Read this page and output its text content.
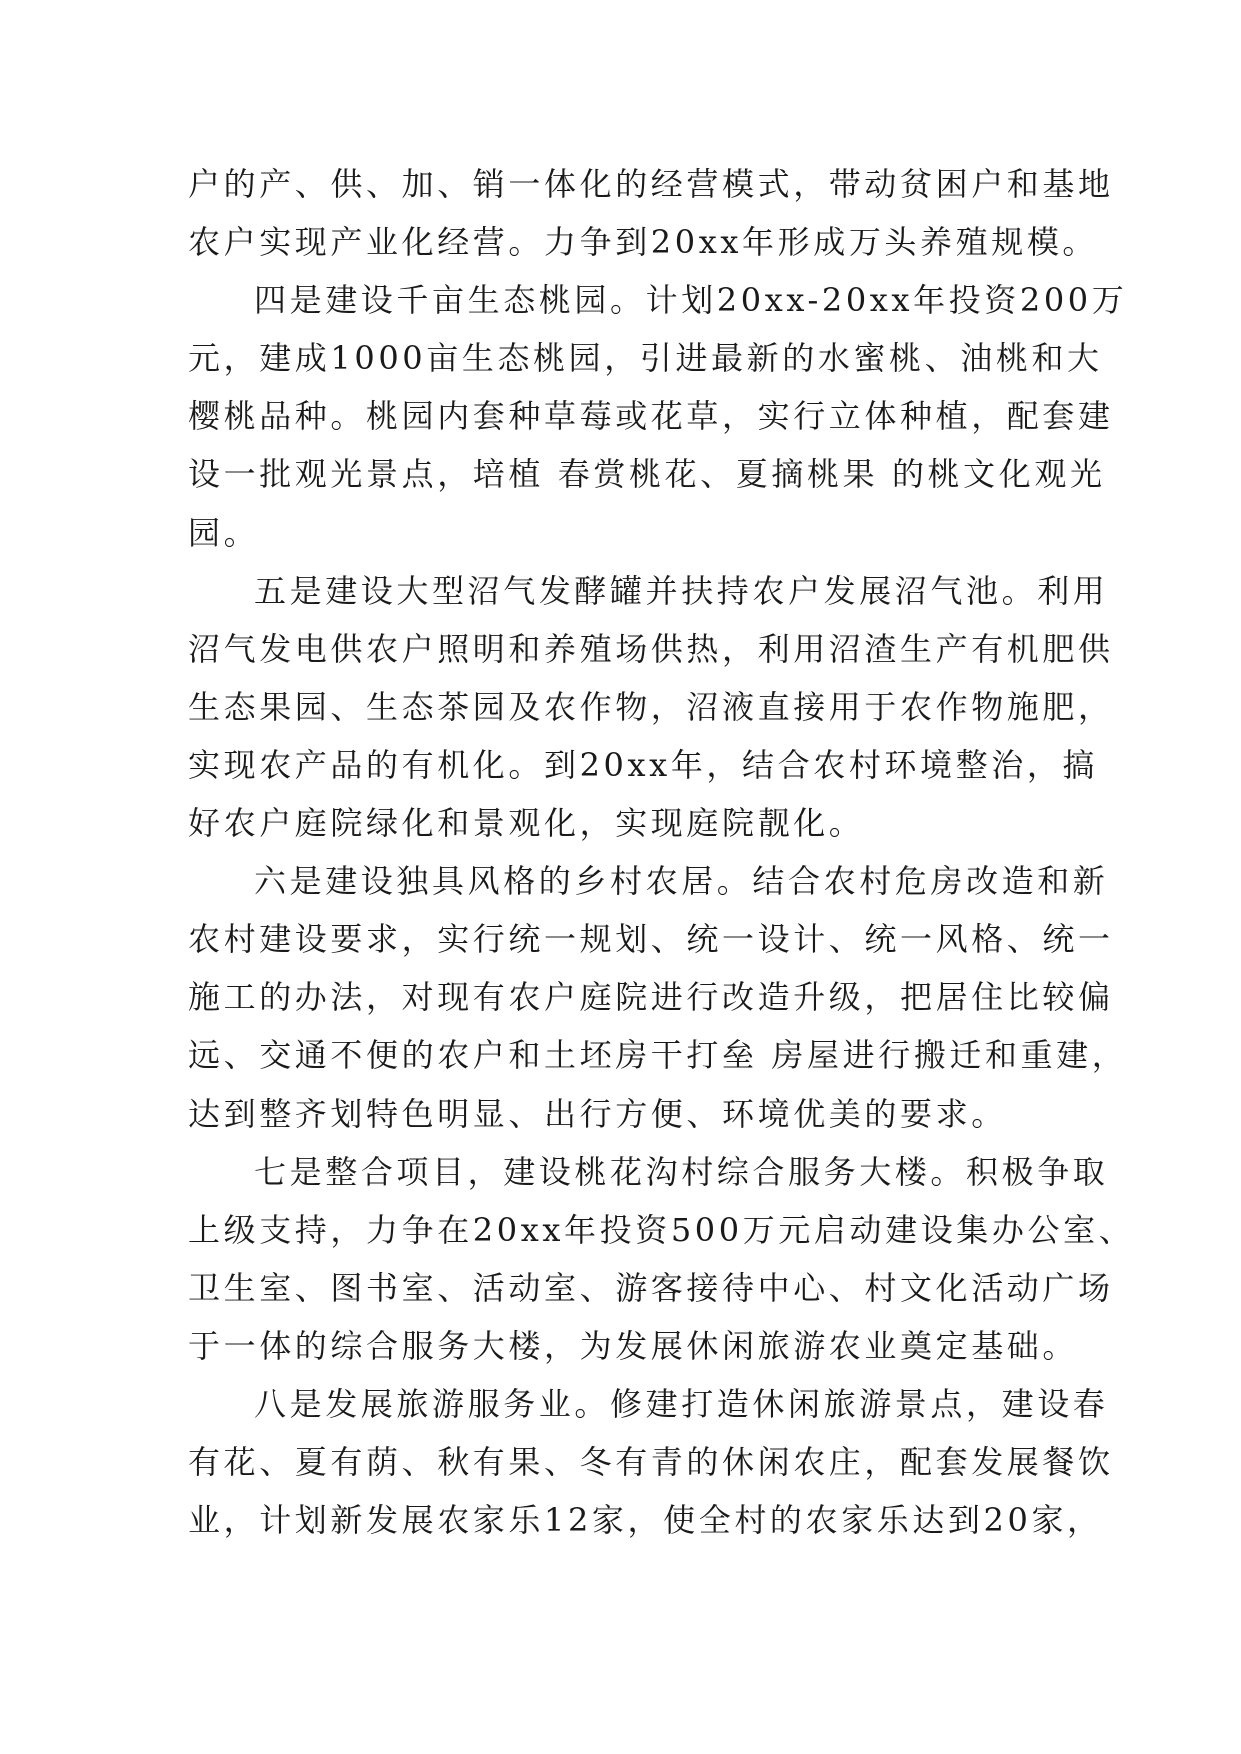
户的产、供、加、销一体化的经营模式，带动贫困户和基地
农户实现产业化经营。力争到20xx年形成万头养殖规模。

四是建设千亩生态桃园。计划20xx-20xx年投资200万
元，建成1000亩生态桃园，引进最新的水蜜桃、油桃和大
樱桃品种。桃园内套种草莓或花草，实行立体种植，配套建
设一批观光景点，培植 春赏桃花、夏摘桃果 的桃文化观光
园。

五是建设大型沼气发酵罐并扶持农户发展沼气池。利用
沼气发电供农户照明和养殖场供热，利用沼渣生产有机肥供
生态果园、生态茶园及农作物，沼液直接用于农作物施肥，
实现农产品的有机化。到20xx年，结合农村环境整治，搞
好农户庭院绿化和景观化，实现庭院靓化。

六是建设独具风格的乡村农居。结合农村危房改造和新
农村建设要求，实行统一规划、统一设计、统一风格、统一
施工的办法，对现有农户庭院进行改造升级，把居住比较偏
远、交通不便的农户和土坯房干打垒 房屋进行搬迁和重建，
达到整齐划特色明显、出行方便、环境优美的要求。

七是整合项目，建设桃花沟村综合服务大楼。积极争取
上级支持，力争在20xx年投资500万元启动建设集办公室、
卫生室、图书室、活动室、游客接待中心、村文化活动广场
于一体的综合服务大楼，为发展休闲旅游农业奠定基础。

八是发展旅游服务业。修建打造休闲旅游景点，建设春
有花、夏有荫、秋有果、冬有青的休闲农庄，配套发展餐饮
业，计划新发展农家乐12家，使全村的农家乐达到20家，
